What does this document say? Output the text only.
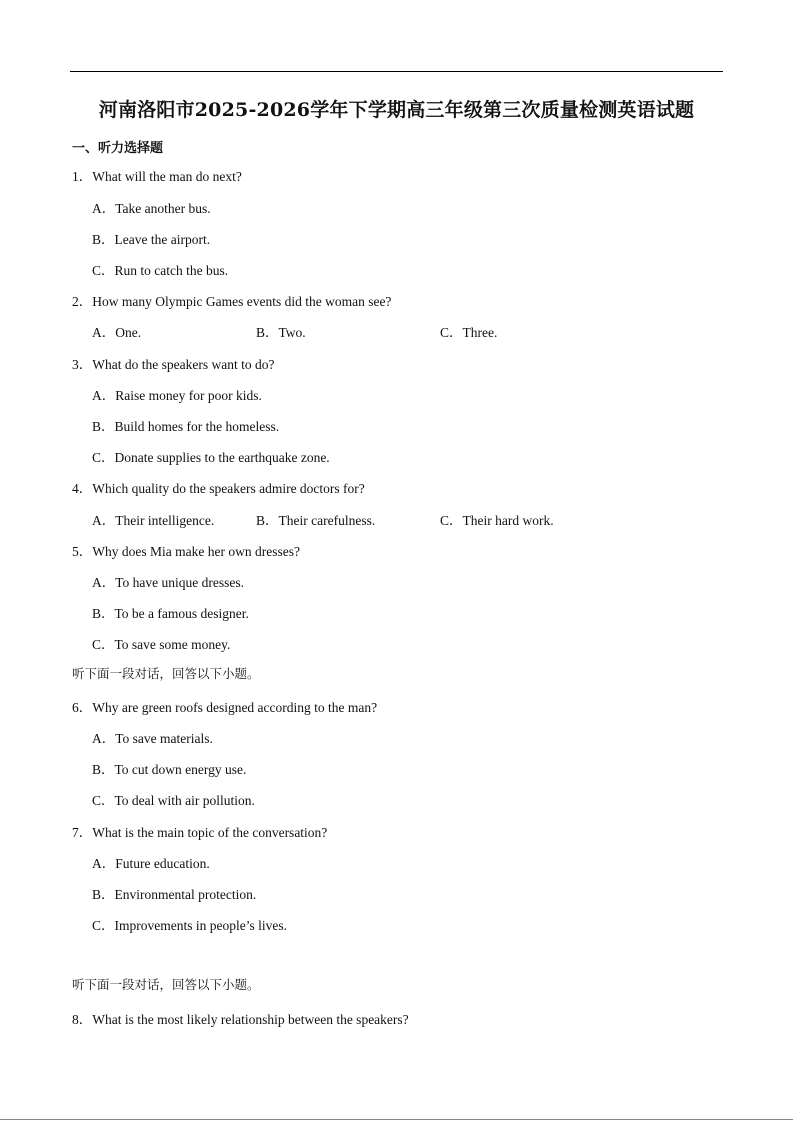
河南洛阳市2025-2026学年下学期高三年级第三次质量检测英语试题
一、听力选择题
1．What will the man do next?
A．Take another bus.
B．Leave the airport.
C．Run to catch the bus.
2．How many Olympic Games events did the woman see?
A．One.	B．Two.	C．Three.
3．What do the speakers want to do?
A．Raise money for poor kids.
B．Build homes for the homeless.
C．Donate supplies to the earthquake zone.
4．Which quality do the speakers admire doctors for?
A．Their intelligence.	B．Their carefulness.	C．Their hard work.
5．Why does Mia make her own dresses?
A．To have unique dresses.
B．To be a famous designer.
C．To save some money.
听下面一段对话，回答以下小题。
6．Why are green roofs designed according to the man?
A．To save materials.
B．To cut down energy use.
C．To deal with air pollution.
7．What is the main topic of the conversation?
A．Future education.
B．Environmental protection.
C．Improvements in people’s lives.
听下面一段对话，回答以下小题。
8．What is the most likely relationship between the speakers?
